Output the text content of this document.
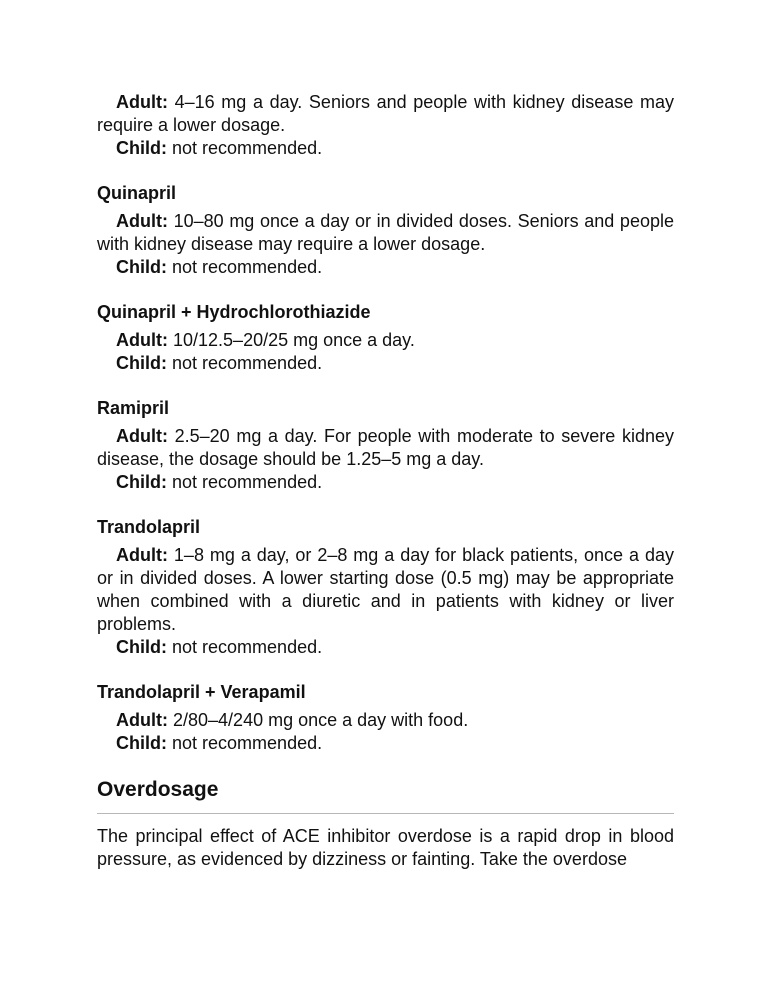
Adult: 4–16 mg a day. Seniors and people with kidney disease may require a lower dosage.

Child: not recommended.

Quinapril

Adult: 10–80 mg once a day or in divided doses. Seniors and people with kidney disease may require a lower dosage.

Child: not recommended.

Quinapril + Hydrochlorothiazide

Adult: 10/12.5–20/25 mg once a day.

Child: not recommended.

Ramipril

Adult: 2.5–20 mg a day. For people with moderate to severe kidney disease, the dosage should be 1.25–5 mg a day.

Child: not recommended.

Trandolapril

Adult: 1–8 mg a day, or 2–8 mg a day for black patients, once a day or in divided doses. A lower starting dose (0.5 mg) may be appropriate when combined with a diuretic and in patients with kidney or liver problems.

Child: not recommended.

Trandolapril + Verapamil

Adult: 2/80–4/240 mg once a day with food.

Child: not recommended.

Overdosage

The principal effect of ACE inhibitor overdose is a rapid drop in blood pressure, as evidenced by dizziness or fainting. Take the overdose
